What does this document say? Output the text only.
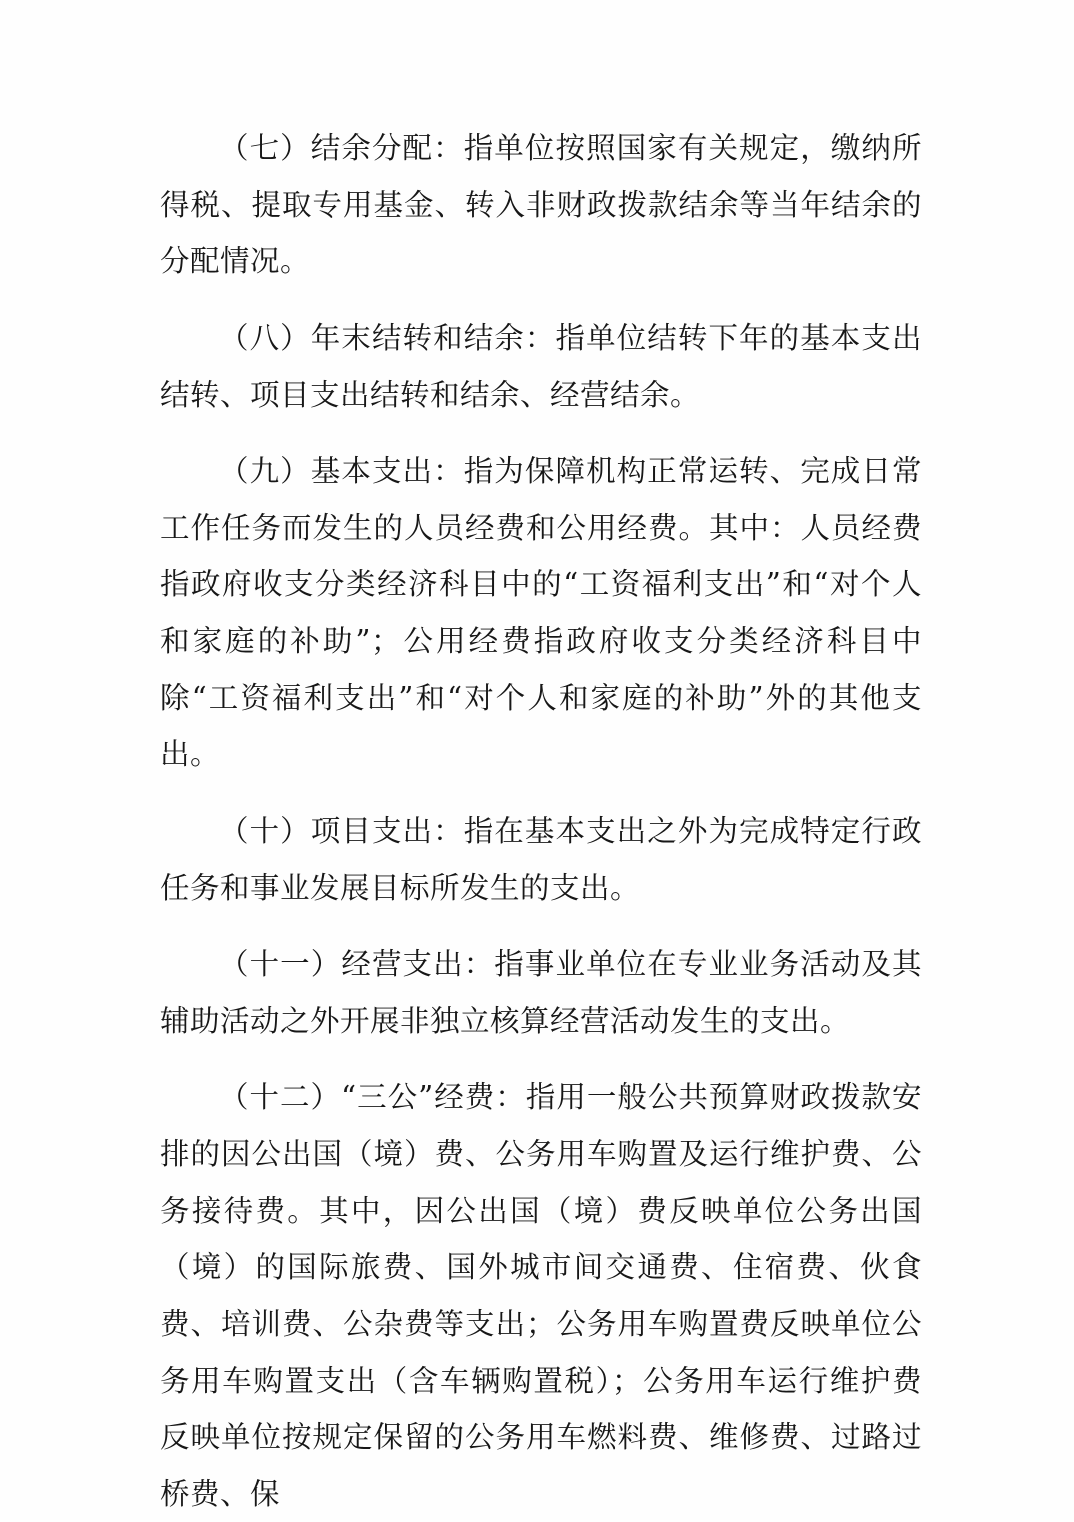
（七）结余分配：指单位按照国家有关规定，缴纳所得税、提取专用基金、转入非财政拨款结余等当年结余的分配情况。

（八）年末结转和结余：指单位结转下年的基本支出结转、项目支出结转和结余、经营结余。

（九）基本支出：指为保障机构正常运转、完成日常工作任务而发生的人员经费和公用经费。其中：人员经费指政府收支分类经济科目中的“工资福利支出”和“对个人和家庭的补助”；公用经费指政府收支分类经济科目中除“工资福利支出”和“对个人和家庭的补助”外的其他支出。

（十）项目支出：指在基本支出之外为完成特定行政任务和事业发展目标所发生的支出。

（十一）经营支出：指事业单位在专业业务活动及其辅助活动之外开展非独立核算经营活动发生的支出。

（十二）“三公”经费：指用一般公共预算财政拨款安排的因公出国（境）费、公务用车购置及运行维护费、公务接待费。其中，因公出国（境）费反映单位公务出国（境）的国际旅费、国外城市间交通费、住宿费、伙食费、培训费、公杂费等支出；公务用车购置费反映单位公务用车购置支出（含车辆购置税）；公务用车运行维护费反映单位按规定保留的公务用车燃料费、维修费、过路过桥费、保
